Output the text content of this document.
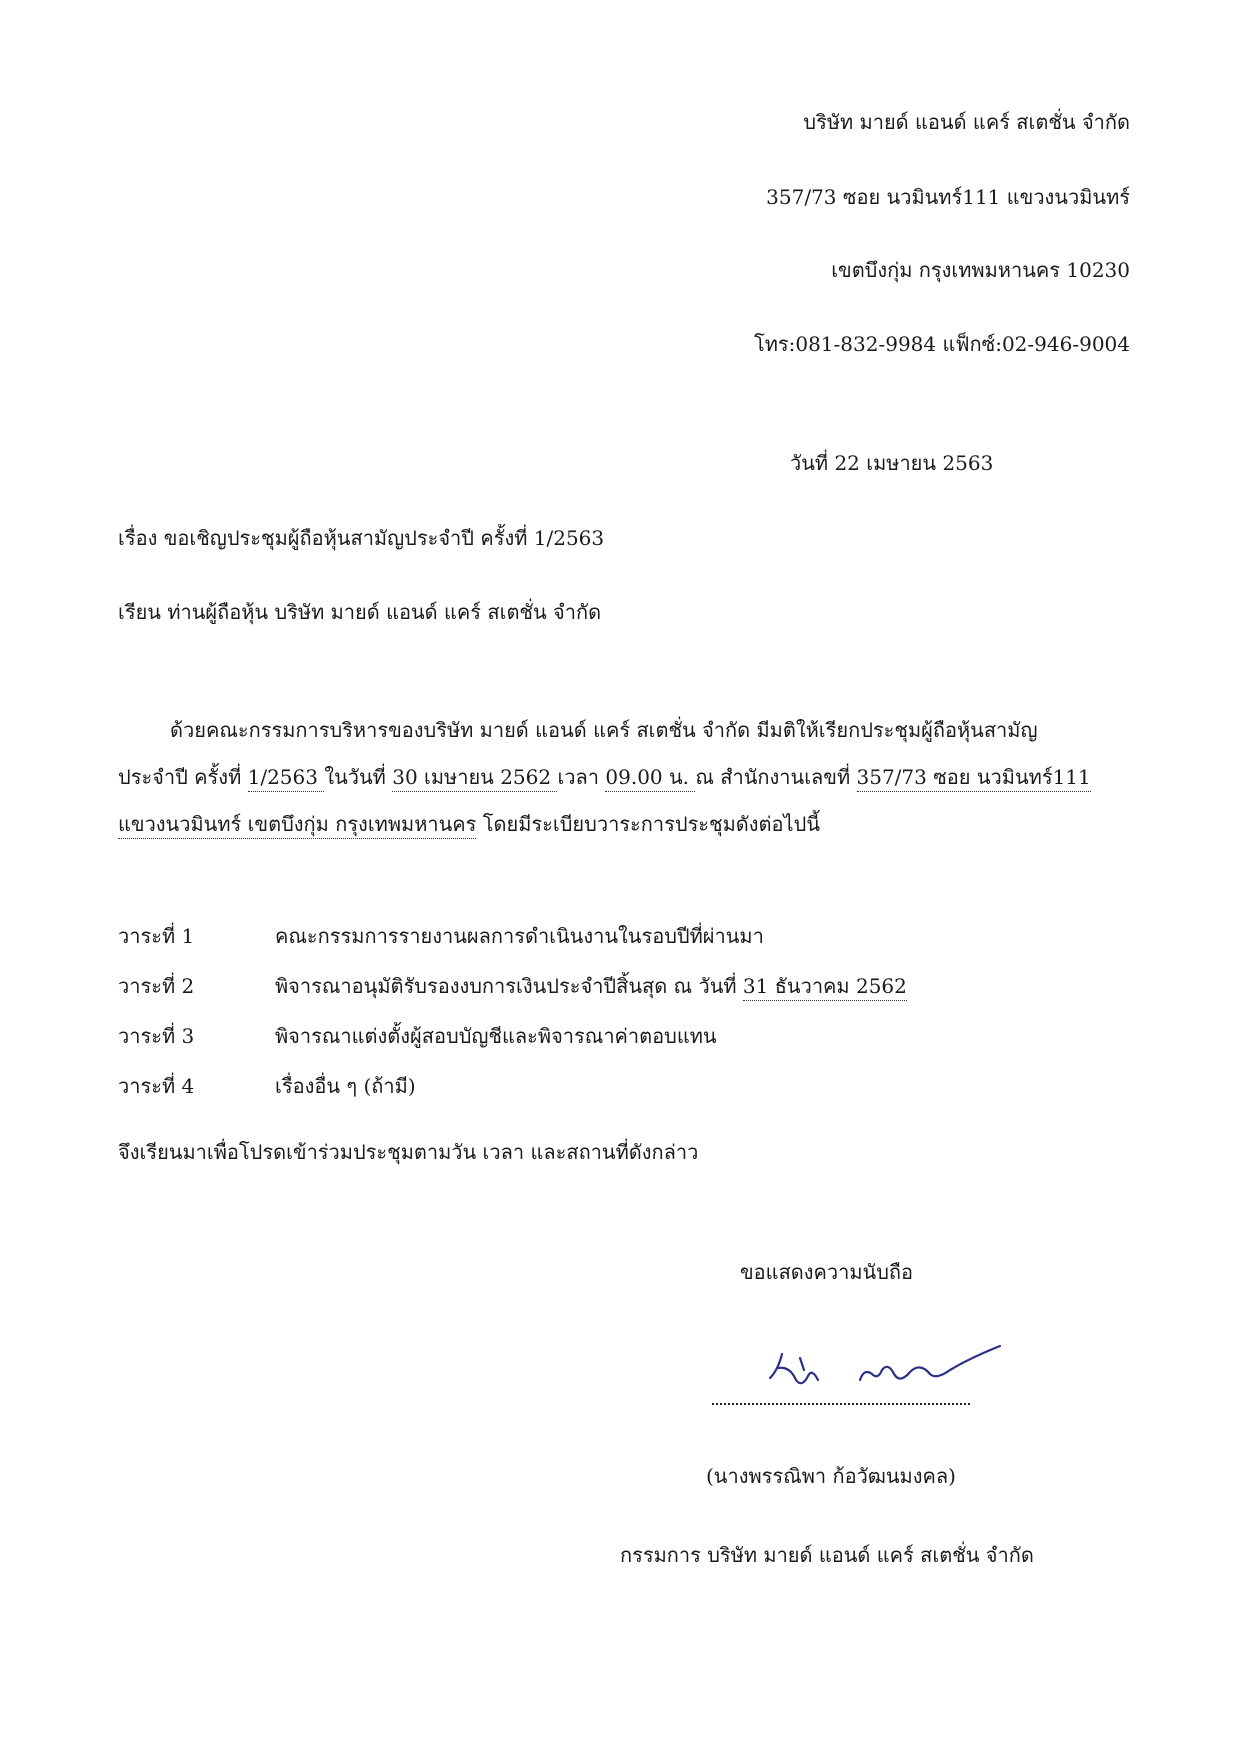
บริษัท มายด์ แอนด์ แคร์ สเตชั่น จำกัด
357/73 ซอย นวมินทร์111 แขวงนวมินทร์
เขตบึงกุ่ม กรุงเทพมหานคร 10230
โทร:081-832-9984 แฟ็กซ์:02-946-9004
วันที่ 22 เมษายน 2563
เรื่อง ขอเชิญประชุมผู้ถือหุ้นสามัญประจำปี ครั้งที่ 1/2563
เรียน ท่านผู้ถือหุ้น บริษัท มายด์ แอนด์ แคร์ สเตชั่น จำกัด
ด้วยคณะกรรมการบริหารของบริษัท มายด์ แอนด์ แคร์ สเตชั่น จำกัด มีมติให้เรียกประชุมผู้ถือหุ้นสามัญ
ประจำปี ครั้งที่ 1/2563 ในวันที่ 30 เมษายน 2562 เวลา 09.00 น. ณ สำนักงานเลขที่ 357/73 ซอย นวมินทร์111
แขวงนวมินทร์ เขตบึงกุ่ม กรุงเทพมหานคร โดยมีระเบียบวาระการประชุมดังต่อไปนี้
วาระที่ 1	คณะกรรมการรายงานผลการดำเนินงานในรอบปีที่ผ่านมา
วาระที่ 2	พิจารณาอนุมัติรับรองงบการเงินประจำปีสิ้นสุด ณ วันที่ 31 ธันวาคม 2562
วาระที่ 3	พิจารณาแต่งตั้งผู้สอบบัญชีและพิจารณาค่าตอบแทน
วาระที่ 4	เรื่องอื่น ๆ (ถ้ามี)
จึงเรียนมาเพื่อโปรดเข้าร่วมประชุมตามวัน เวลา และสถานที่ดังกล่าว
ขอแสดงความนับถือ
(นางพรรณิพา ก้อวัฒนมงคล)
กรรมการ บริษัท มายด์ แอนด์ แคร์ สเตชั่น จำกัด
